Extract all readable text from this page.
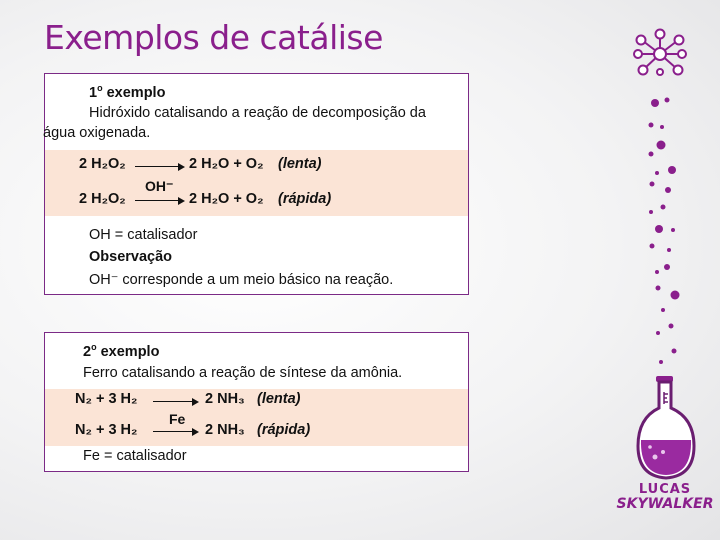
Exemplos de catálise
1$^o$ exemplo
Hidróxido catalisando a reação de decomposição da
água oxigenada.
2 H₂O₂	2 H₂O + O₂ (lenta)
OH⁻
2 H₂O₂	2 H₂O + O₂ (rápida)
OH = catalisador
Observação
OH⁻ corresponde a um meio básico na reação.
2$^o$ exemplo
Ferro catalisando a reação de síntese da amônia.
N₂ + 3 H₂	2 NH₃ (lenta)
Fe
N₂ + 3 H₂	2 NH₃ (rápida)
Fe = catalisador
LUCAS
SKYWALKER
